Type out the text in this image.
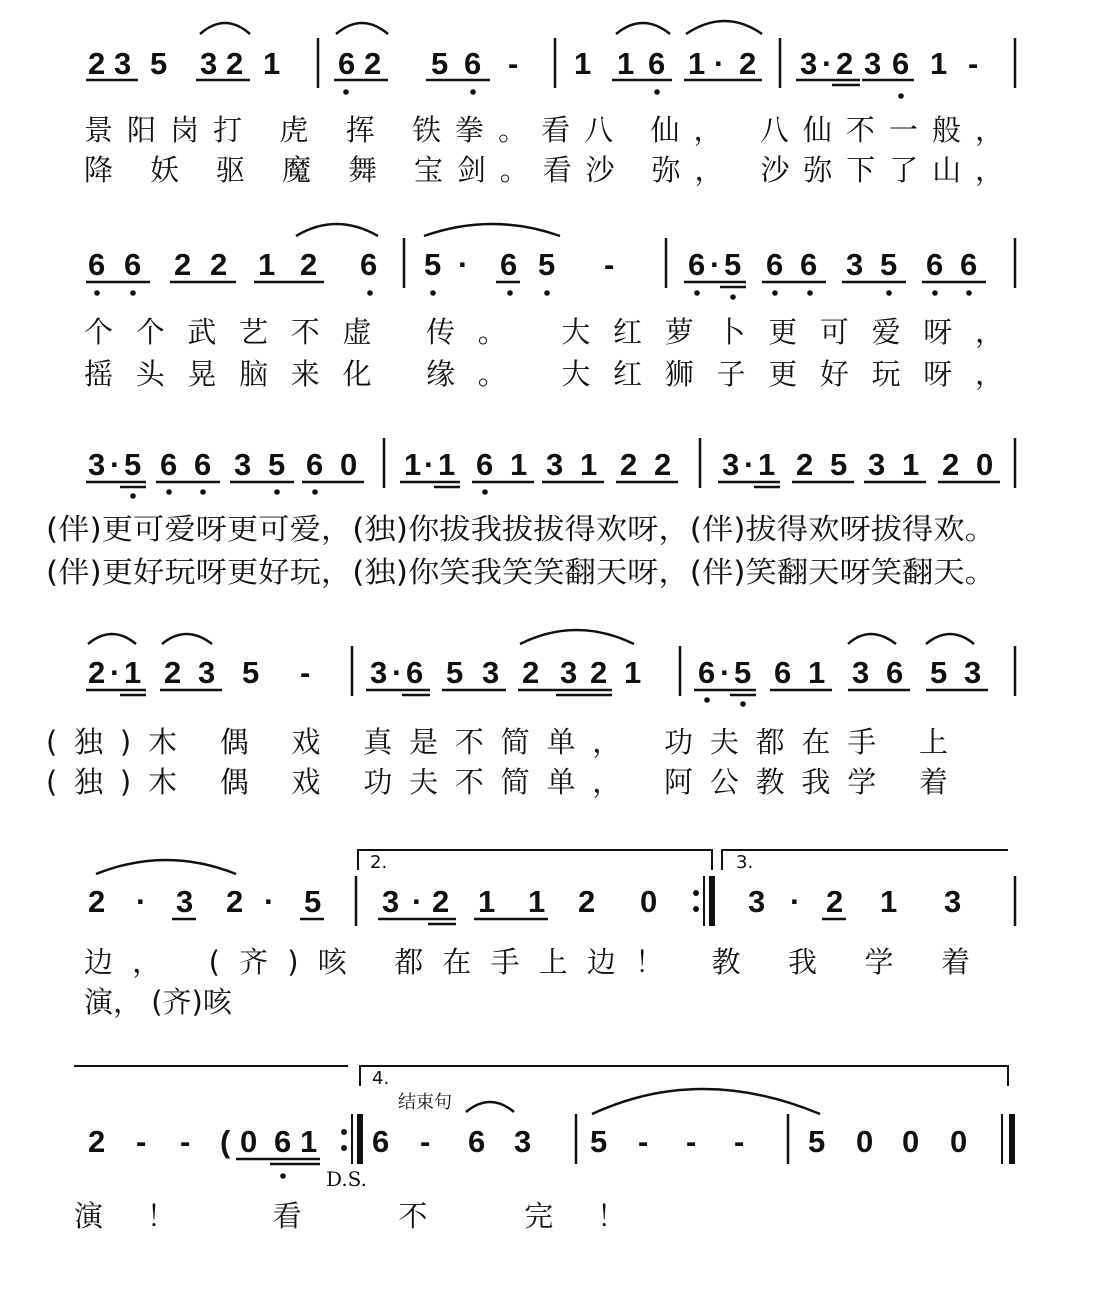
2 3 5 3 2 1 6 2 5 6 - 1 1 6 1 · 2 3 · 2 3 6 1 -
景阳岗打 虎 挥 铁拳。看八 仙， 八仙不一般，
降 妖 驱 魔 舞 宝剑。看沙 弥， 沙弥下了山，
6 6 2 2 1 2 6 5 · 6 5 - 6 · 5 6 6 3 5 6 6
个个武艺不虚 传。 大红萝卜更可爱呀，
摇头晃脑来化 缘。 大红狮子更好玩呀，
3 · 5 6 6 3 5 6 0 1 · 1 6 1 3 1 2 2 3 · 1 2 5 3 1 2 0
(伴)更可爱呀更可爱，(独)你拔我拔拔得欢呀，(伴)拔得欢呀拔得欢。
(伴)更好玩呀更好玩，(独)你笑我笑笑翻天呀，(伴)笑翻天呀笑翻天。
2 · 1 2 3 5 - 3 · 6 5 3 2 3 2 1 6 · 5 6 1 3 6 5 3
(独)木 偶 戏 真是不简单， 功夫都在手 上
(独)木 偶 戏 功夫不简单， 阿公教我学 着
2.	3.
2 · 3 2 · 5 3 · 2 1 1 2 0	3 · 2 1 3
边， (齐)咳 都在手上边！ 教 我 学 着
演， (齐)咳
4.
结束句
2 - - ( 0 6 1 6 - 6 3 5 - - - 5 0 0 0
D.S.
演！ 看 不 完！
